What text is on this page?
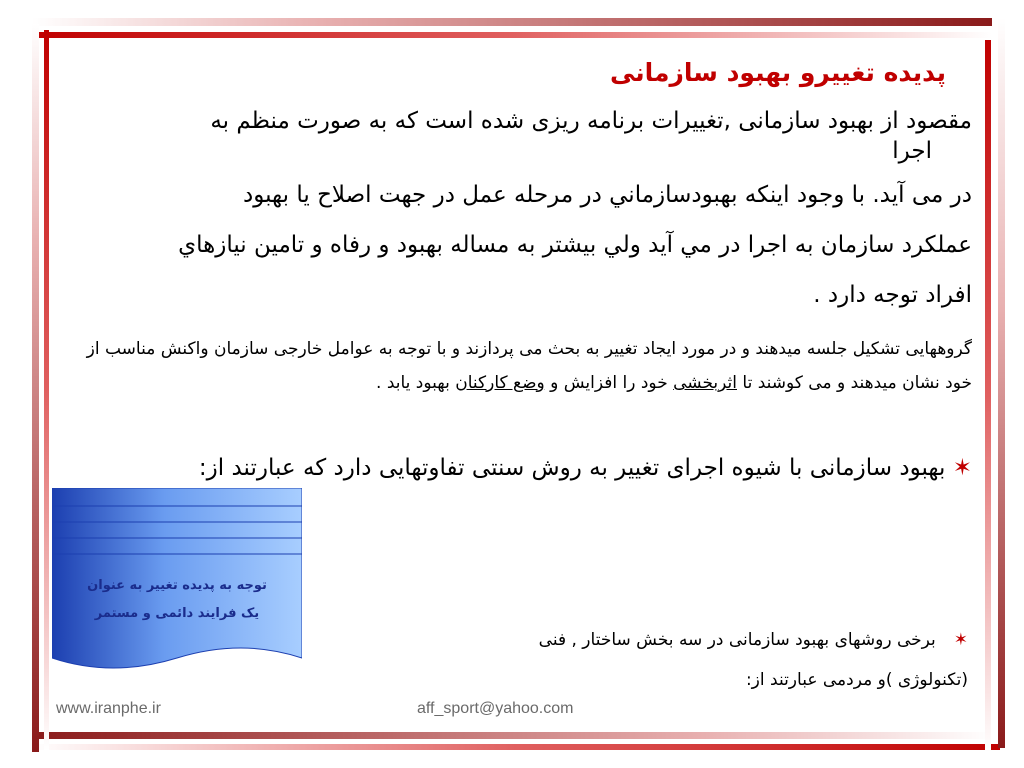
پدیده تغییرو بهبود سازمانی
مقصود از بهبود سازمانی ,تغییرات برنامه ریزی شده است که به صورت منظم به
اجرا
در می آید. با وجود اینکه بهبودسازماني در مرحله عمل در جهت اصلاح یا بهبود
عملکرد سازمان به اجرا در مي آید ولي بیشتر به مساله بهبود و رفاه و تامین نیازهاي
افراد توجه دارد .
گروههایی تشکیل جلسه میدهند و در مورد ایجاد تغییر به بحث می پردازند و با توجه به عوامل خارجی سازمان واکنش مناسب از خود نشان میدهند و می کوشند تا اثربخشی خود را افزایش و وضع کارکنان بهبود یابد .
✶ بهبود سازمانی با شیوه اجرای تغییر به روش سنتی تفاوتهایی دارد که عبارتند از:
توجه به پدیده تغییر به عنوان
یک فرایند دائمی و مستمر
✶برخی روشهای بهبود سازمانی در سه بخش ساختار , فنی
(تکنولوژی )و مردمی عبارتند از:
www.iranphe.ir	aff_sport@yahoo.com
